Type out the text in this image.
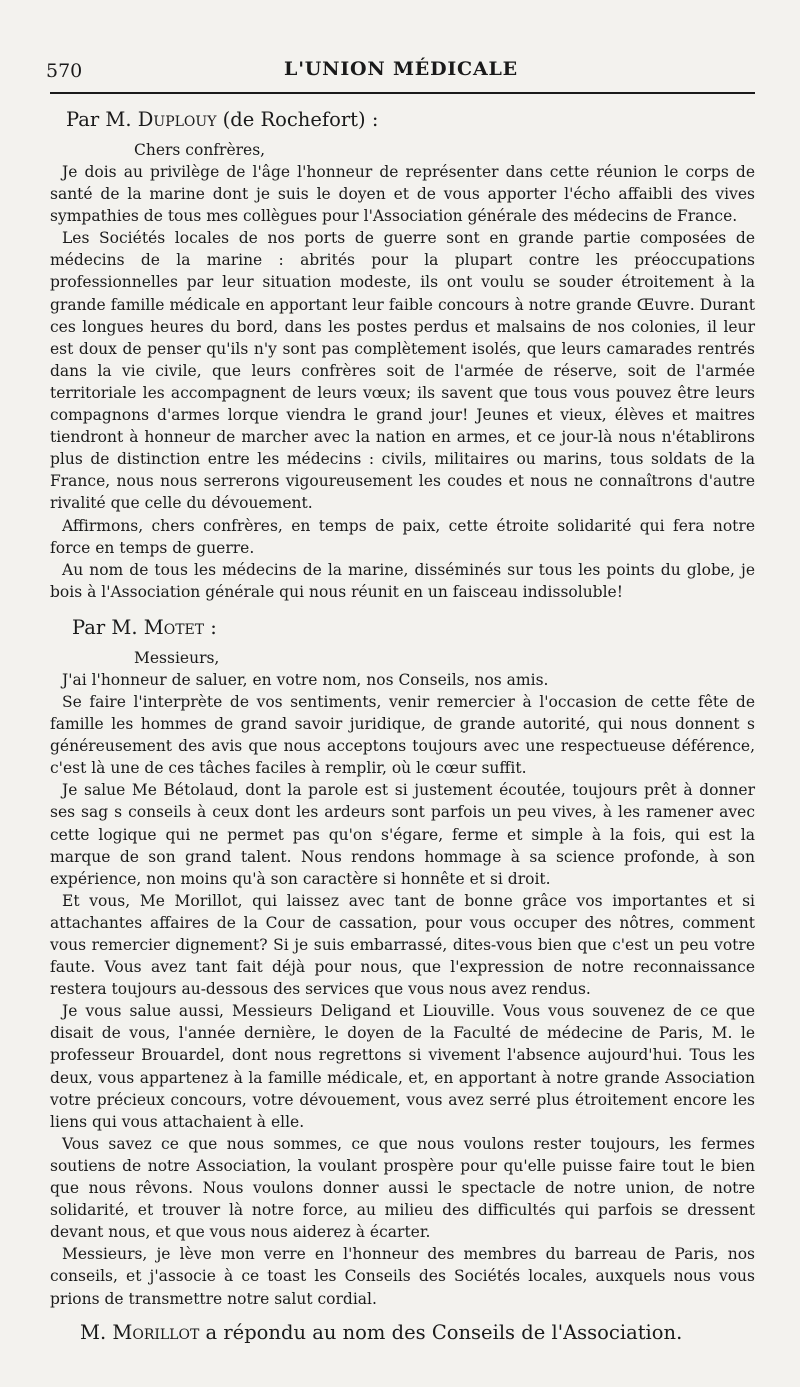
570	L'UNION MÉDICALE
Par M. Duplouy (de Rochefort) :
Chers confrères,

Je dois au privilège de l'âge l'honneur de représenter dans cette réunion le corps de santé de la marine dont je suis le doyen et de vous apporter l'écho affaibli des vives sympathies de tous mes collègues pour l'Association générale des médecins de France.

Les Sociétés locales de nos ports de guerre sont en grande partie composées de médecins de la marine : abrités pour la plupart contre les préoccupations professionnelles par leur situation modeste, ils ont voulu se souder étroitement à la grande famille médicale en apportant leur faible concours à notre grande Œuvre. Durant ces longues heures du bord, dans les postes perdus et malsains de nos colonies, il leur est doux de penser qu'ils n'y sont pas complètement isolés, que leurs camarades rentrés dans la vie civile, que leurs confrères soit de l'armée de réserve, soit de l'armée territoriale les accompagnent de leurs vœux; ils savent que tous vous pouvez être leurs compagnons d'armes lorque viendra le grand jour! Jeunes et vieux, élèves et maitres tiendront à honneur de marcher avec la nation en armes, et ce jour-là nous n'établirons plus de distinction entre les médecins : civils, militaires ou marins, tous soldats de la France, nous nous serrerons vigoureusement les coudes et nous ne connaîtrons d'autre rivalité que celle du dévouement.

Affirmons, chers confrères, en temps de paix, cette étroite solidarité qui fera notre force en temps de guerre.

Au nom de tous les médecins de la marine, disséminés sur tous les points du globe, je bois à l'Association générale qui nous réunit en un faisceau indissoluble!

Par M. Motet :
Messieurs,

J'ai l'honneur de saluer, en votre nom, nos Conseils, nos amis.

Se faire l'interprète de vos sentiments, venir remercier à l'occasion de cette fête de famille les hommes de grand savoir juridique, de grande autorité, qui nous donnent s généreusement des avis que nous acceptons toujours avec une respectueuse déférence, c'est là une de ces tâches faciles à remplir, où le cœur suffit.

Je salue Me Bétolaud, dont la parole est si justement écoutée, toujours prêt à donner ses sag s conseils à ceux dont les ardeurs sont parfois un peu vives, à les ramener avec cette logique qui ne permet pas qu'on s'égare, ferme et simple à la fois, qui est la marque de son grand talent. Nous rendons hommage à sa science profonde, à son expérience, non moins qu'à son caractère si honnête et si droit.

Et vous, Me Morillot, qui laissez avec tant de bonne grâce vos importantes et si attachantes affaires de la Cour de cassation, pour vous occuper des nôtres, comment vous remercier dignement? Si je suis embarrassé, dites-vous bien que c'est un peu votre faute. Vous avez tant fait déjà pour nous, que l'expression de notre reconnaissance restera toujours au-dessous des services que vous nous avez rendus.

Je vous salue aussi, Messieurs Deligand et Liouville. Vous vous souvenez de ce que disait de vous, l'année dernière, le doyen de la Faculté de médecine de Paris, M. le professeur Brouardel, dont nous regrettons si vivement l'absence aujourd'hui. Tous les deux, vous appartenez à la famille médicale, et, en apportant à notre grande Association votre précieux concours, votre dévouement, vous avez serré plus étroitement encore les liens qui vous attachaient à elle.

Vous savez ce que nous sommes, ce que nous voulons rester toujours, les fermes soutiens de notre Association, la voulant prospère pour qu'elle puisse faire tout le bien que nous rêvons. Nous voulons donner aussi le spectacle de notre union, de notre solidarité, et trouver là notre force, au milieu des difficultés qui parfois se dressent devant nous, et que vous nous aiderez à écarter.

Messieurs, je lève mon verre en l'honneur des membres du barreau de Paris, nos conseils, et j'associe à ce toast les Conseils des Sociétés locales, auxquels nous vous prions de transmettre notre salut cordial.

M. Morillot a répondu au nom des Conseils de l'Association.
